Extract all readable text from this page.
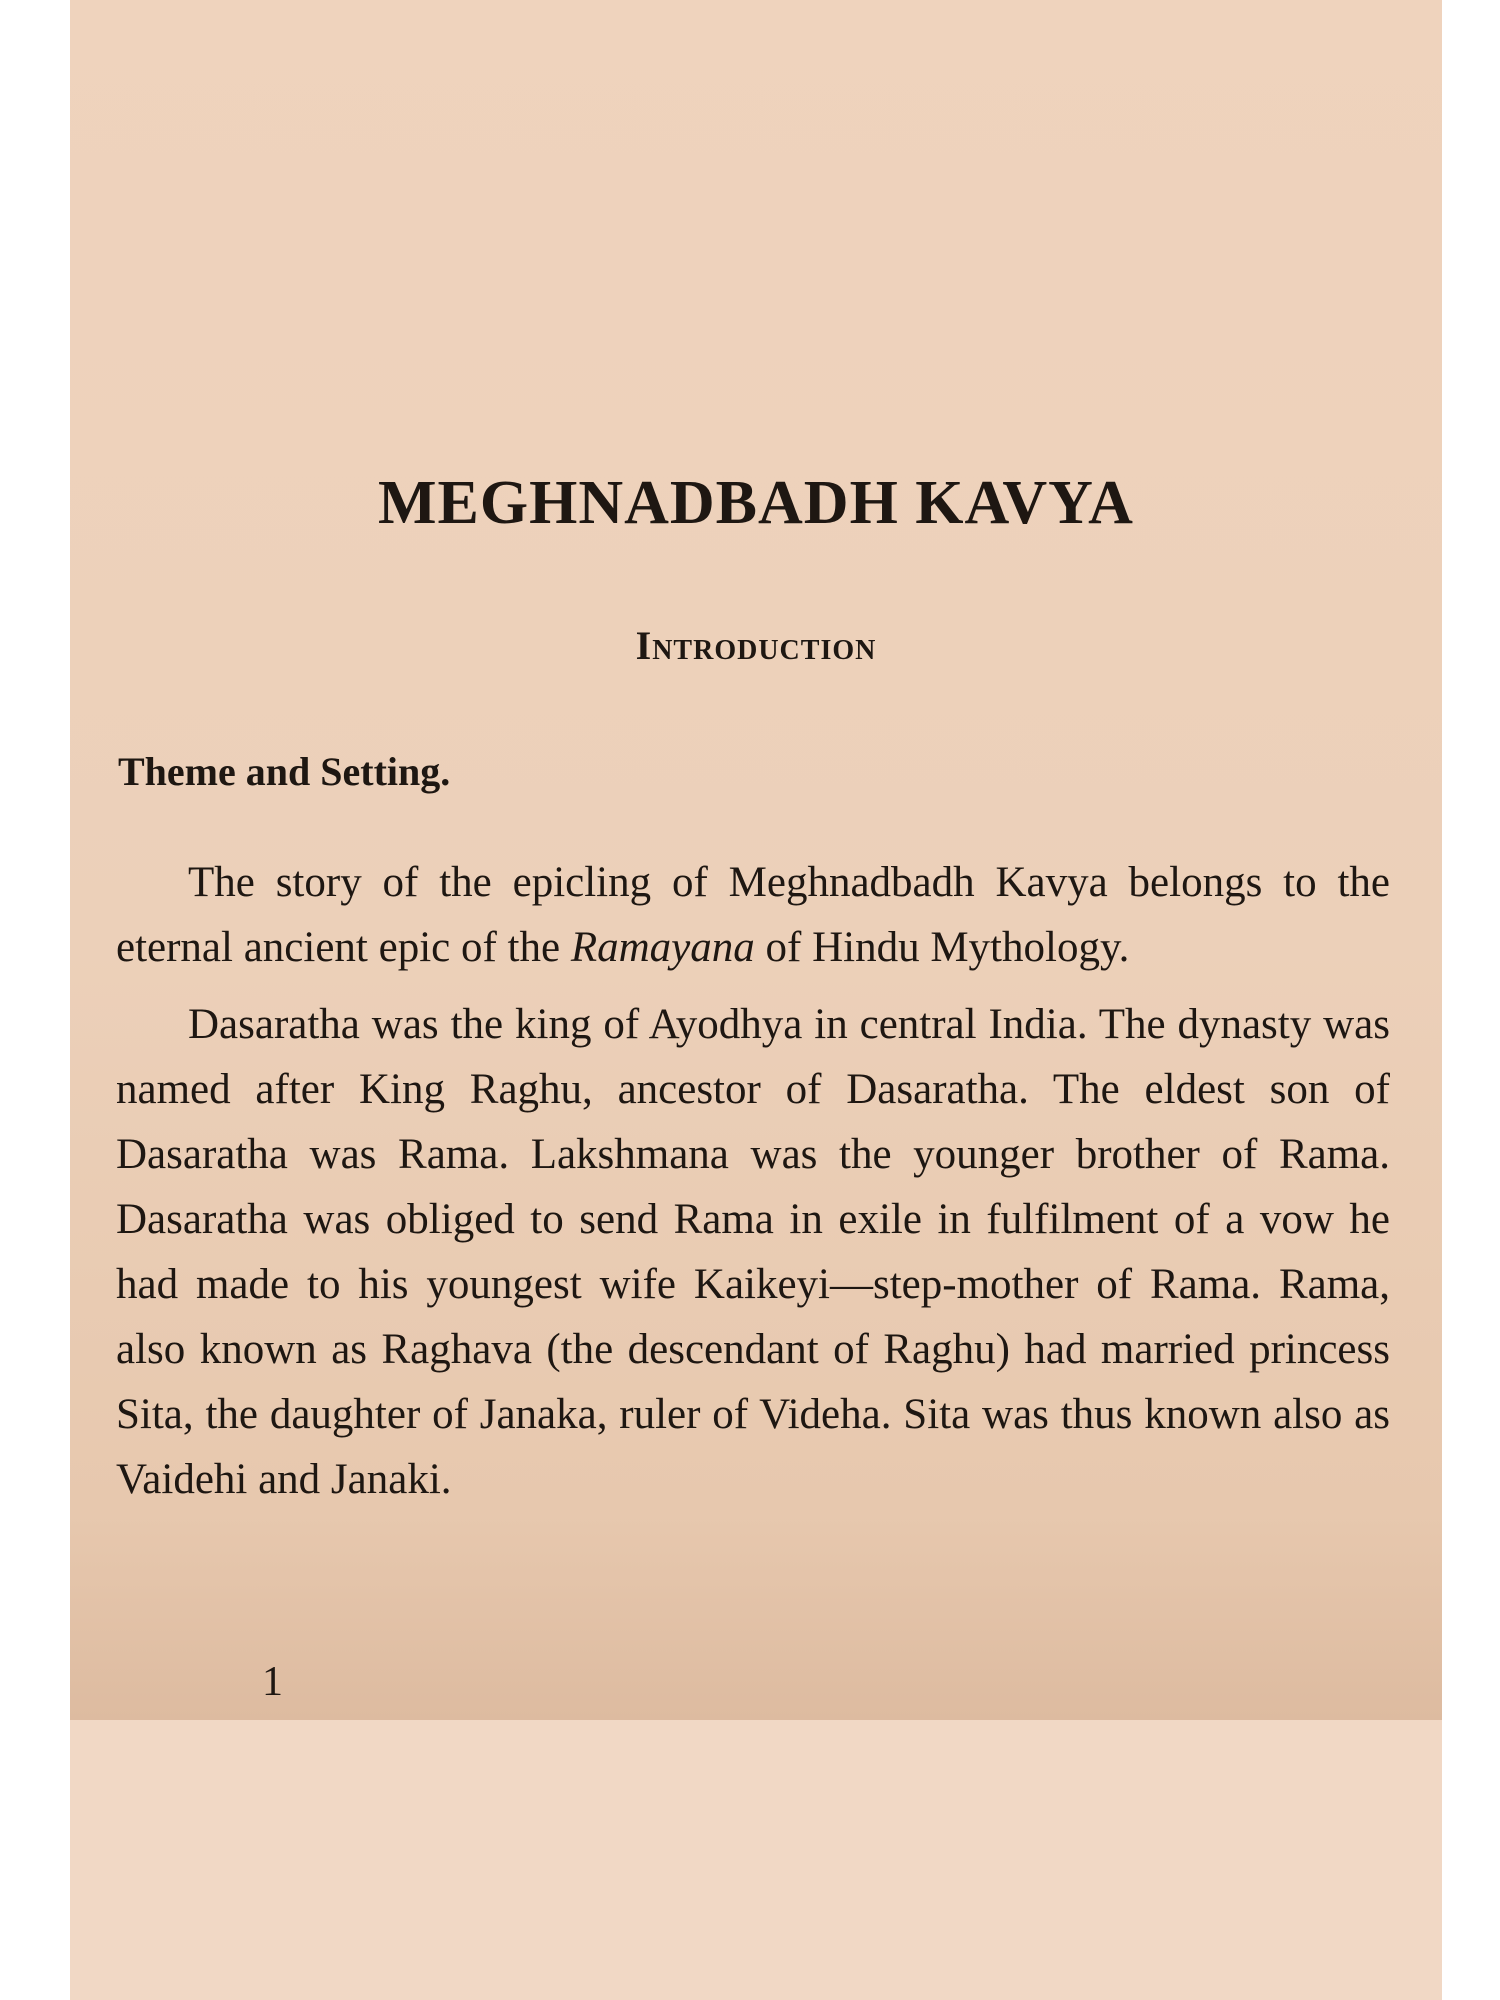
MEGHNADBADH KAVYA
Introduction
Theme and Setting.

The story of the epicling of Meghnadbadh Kavya belongs to the eternal ancient epic of the Ramayana of Hindu Mythology.

Dasaratha was the king of Ayodhya in central India. The dynasty was named after King Raghu, ancestor of Dasaratha. The eldest son of Dasaratha was Rama. Lakshmana was the younger brother of Rama. Dasaratha was obliged to send Rama in exile in fulfilment of a vow he had made to his youngest wife Kaikeyi—step-mother of Rama. Rama, also known as Raghava (the descendant of Raghu) had married princess Sita, the daughter of Janaka, ruler of Videha. Sita was thus known also as Vaidehi and Janaki.

1
